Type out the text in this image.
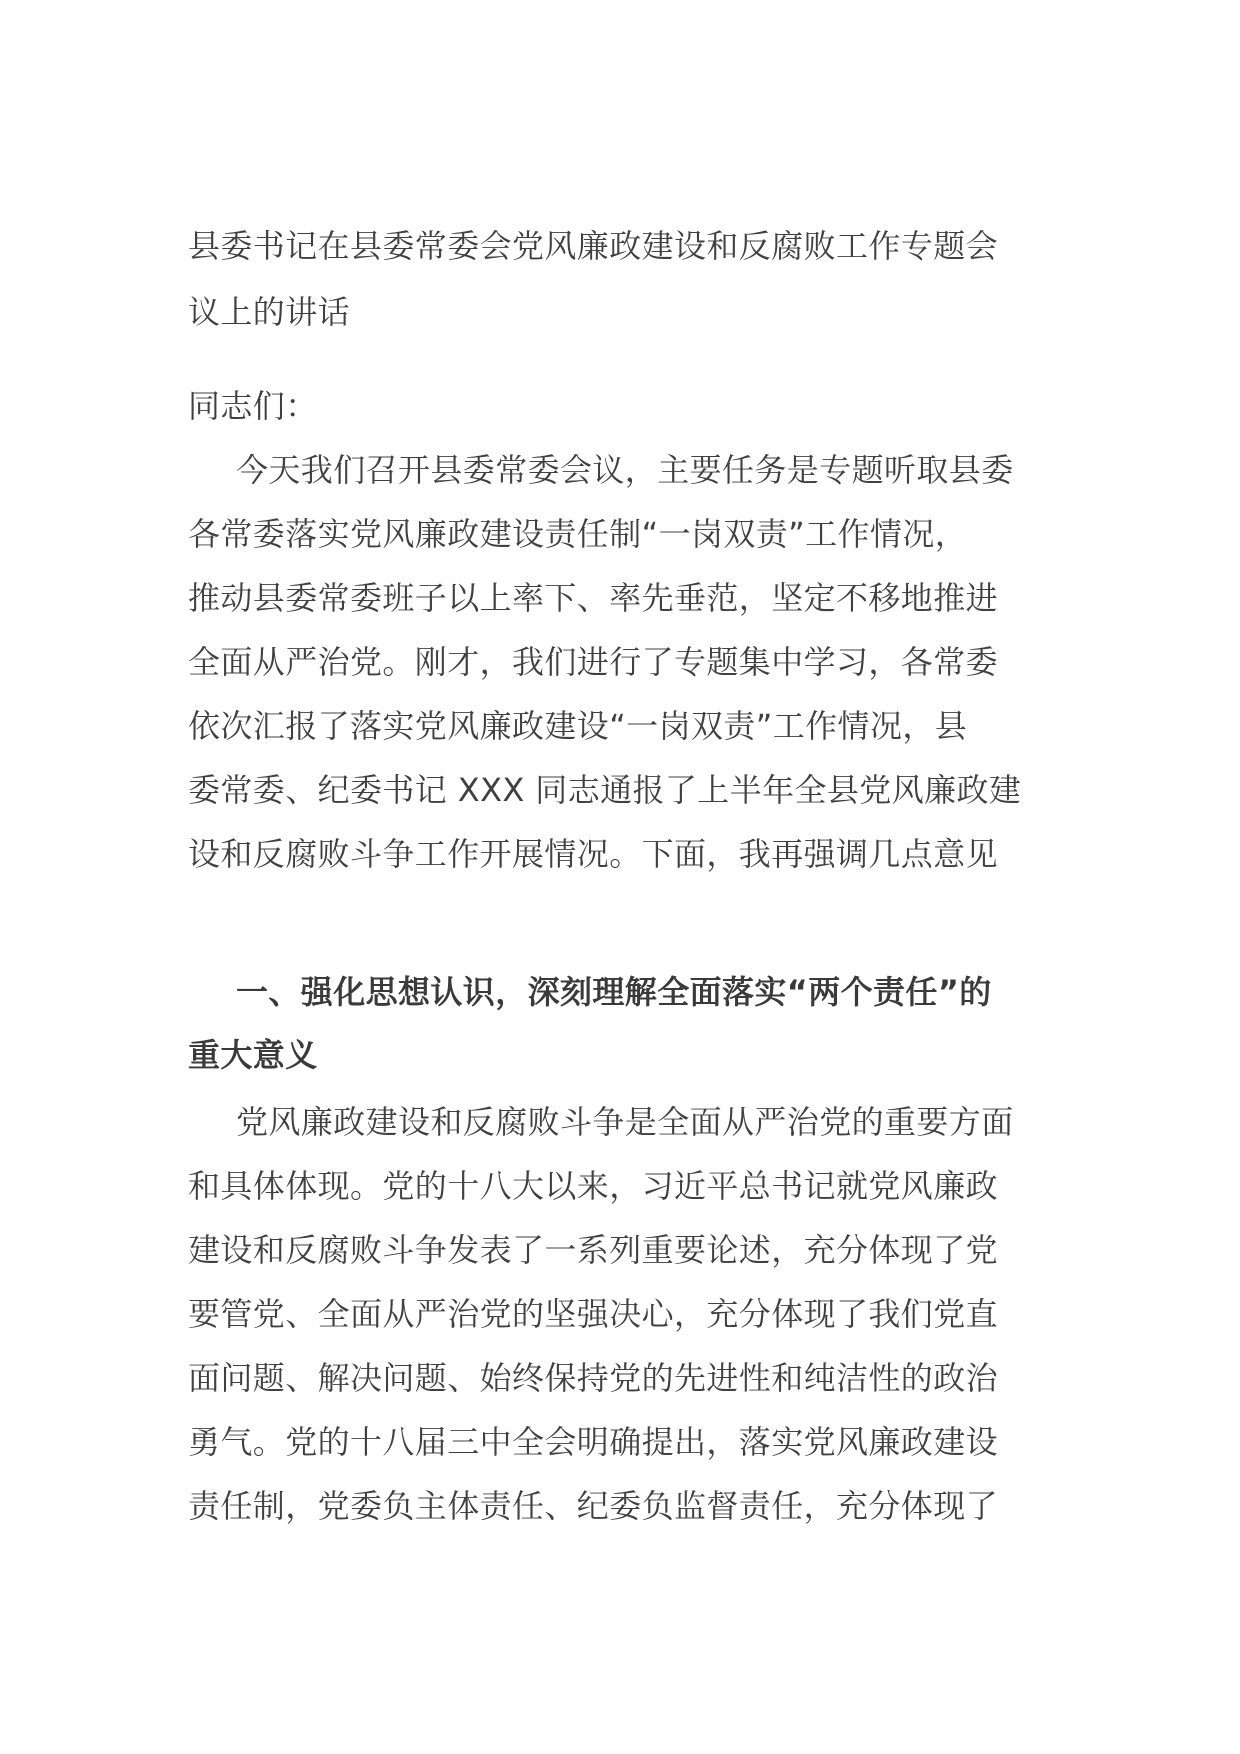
县委书记在县委常委会党风廉政建设和反腐败工作专题会
议上的讲话
同志们：
今天我们召开县委常委会议，主要任务是专题听取县委
各常委落实党风廉政建设责任制“一岗双责”工作情况，
推动县委常委班子以上率下、率先垂范，坚定不移地推进
全面从严治党。刚才，我们进行了专题集中学习，各常委
依次汇报了落实党风廉政建设“一岗双责”工作情况，县
委常委、纪委书记 XXX 同志通报了上半年全县党风廉政建
设和反腐败斗争工作开展情况。下面，我再强调几点意见
一、强化思想认识，深刻理解全面落实“两个责任”的
重大意义
党风廉政建设和反腐败斗争是全面从严治党的重要方面
和具体体现。党的十八大以来，习近平总书记就党风廉政
建设和反腐败斗争发表了一系列重要论述，充分体现了党
要管党、全面从严治党的坚强决心，充分体现了我们党直
面问题、解决问题、始终保持党的先进性和纯洁性的政治
勇气。党的十八届三中全会明确提出，落实党风廉政建设
责任制，党委负主体责任、纪委负监督责任，充分体现了
